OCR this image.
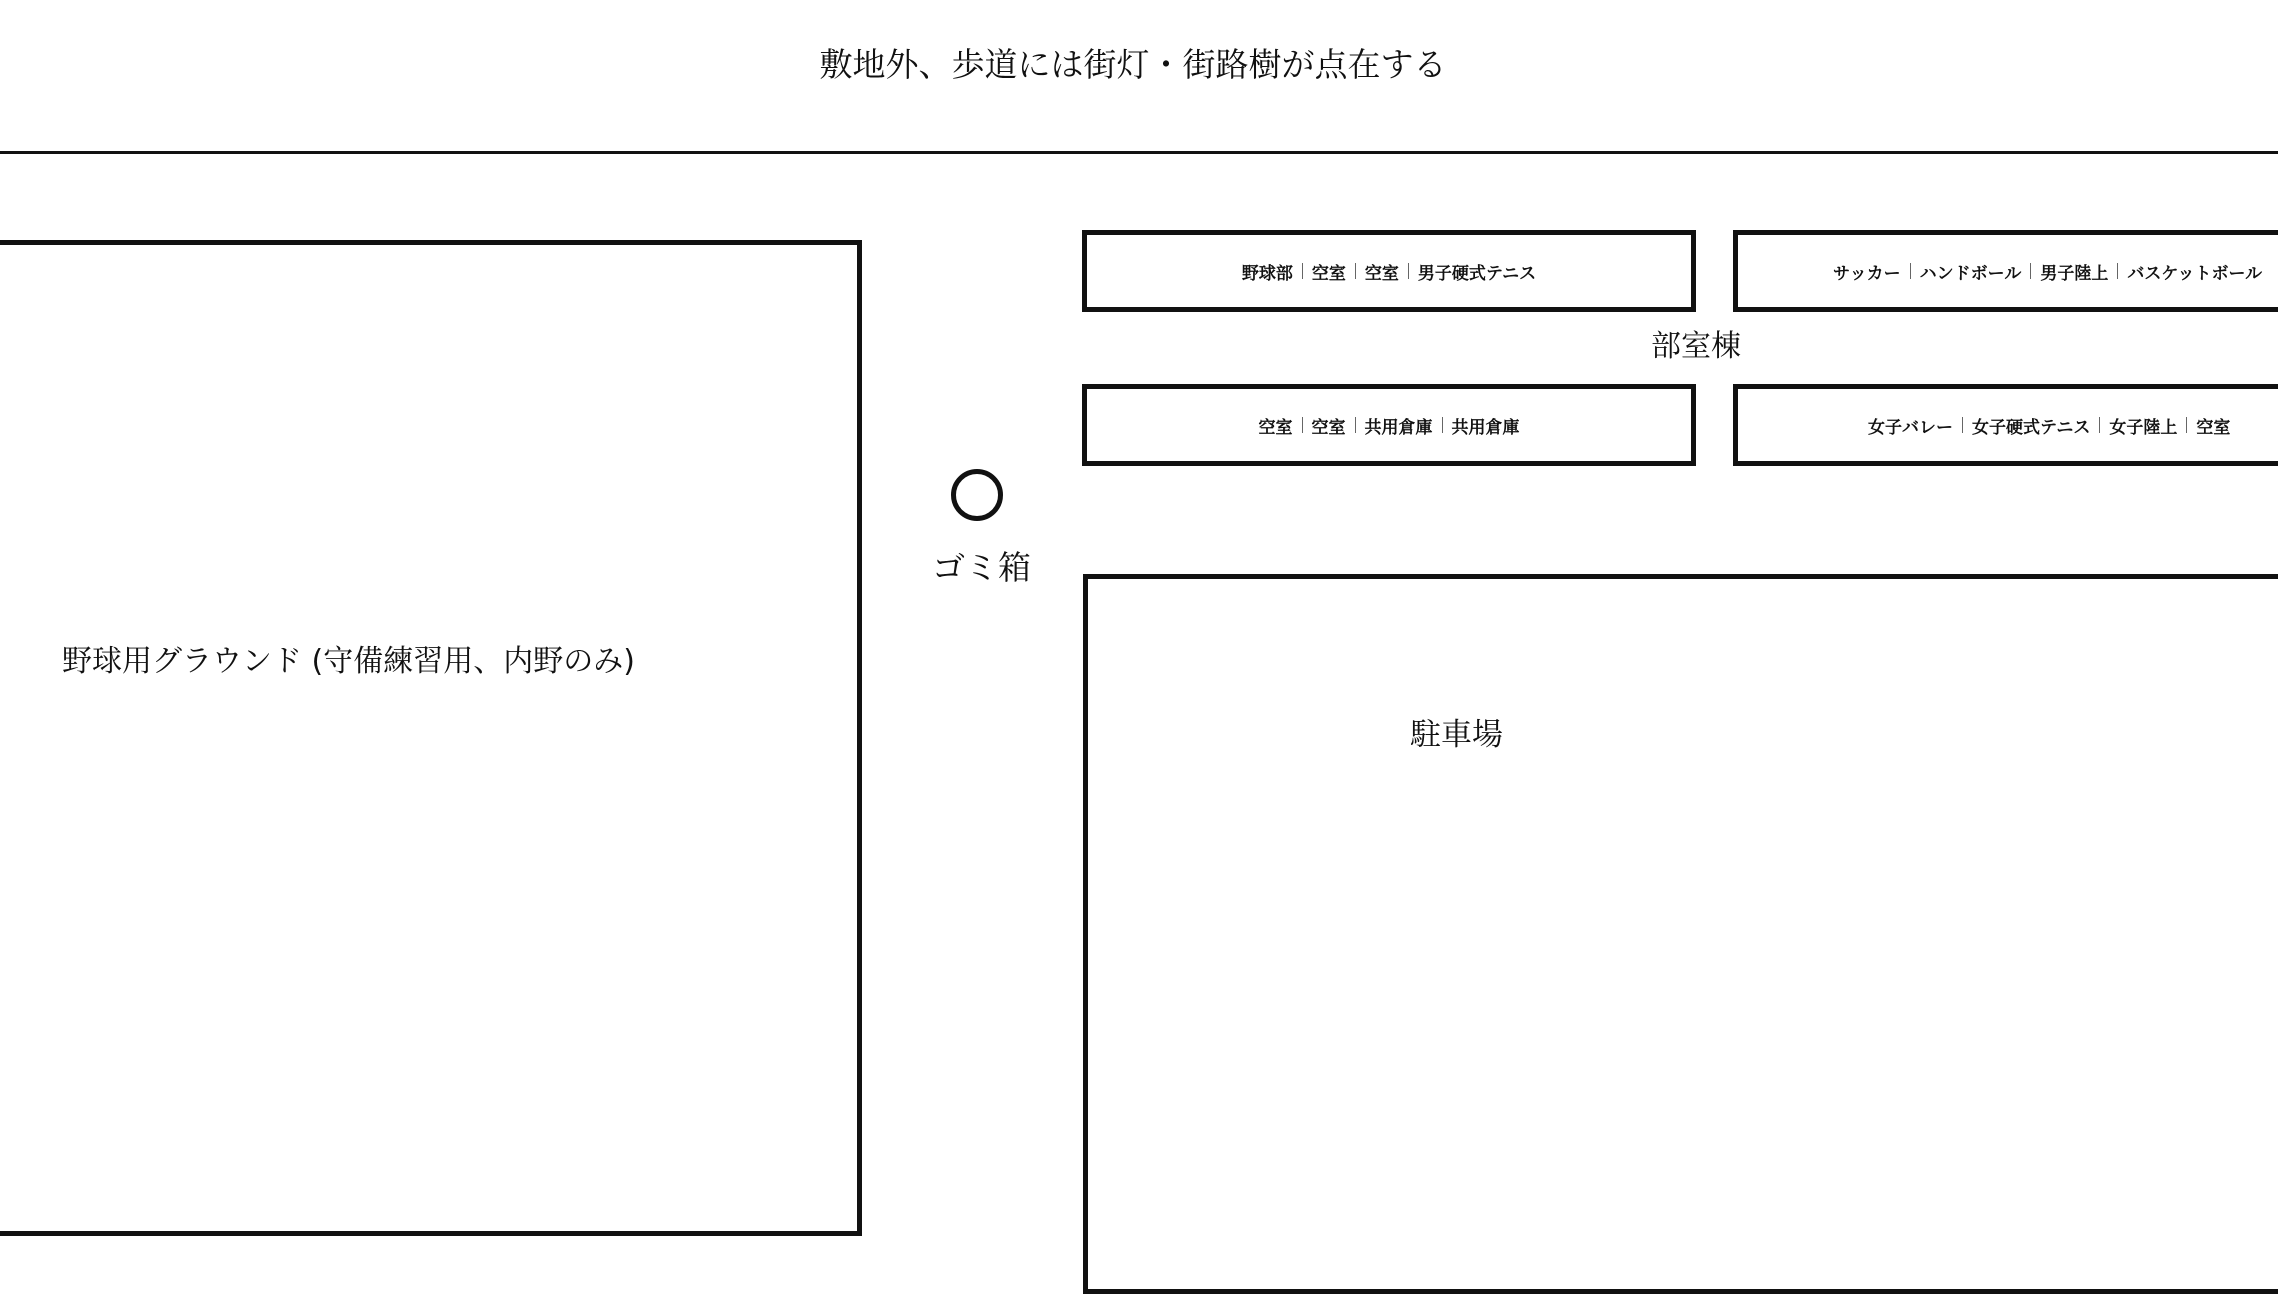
敷地外、歩道には街灯・街路樹が点在する
野球用グラウンド (守備練習用、内野のみ)
ゴミ箱
野球部 空室 空室 男子硬式テニス	サッカー ハンドボール 男子陸上 バスケットボール
部室棟
空室 空室 共用倉庫 共用倉庫	女子バレー 女子硬式テニス 女子陸上 空室
駐車場
